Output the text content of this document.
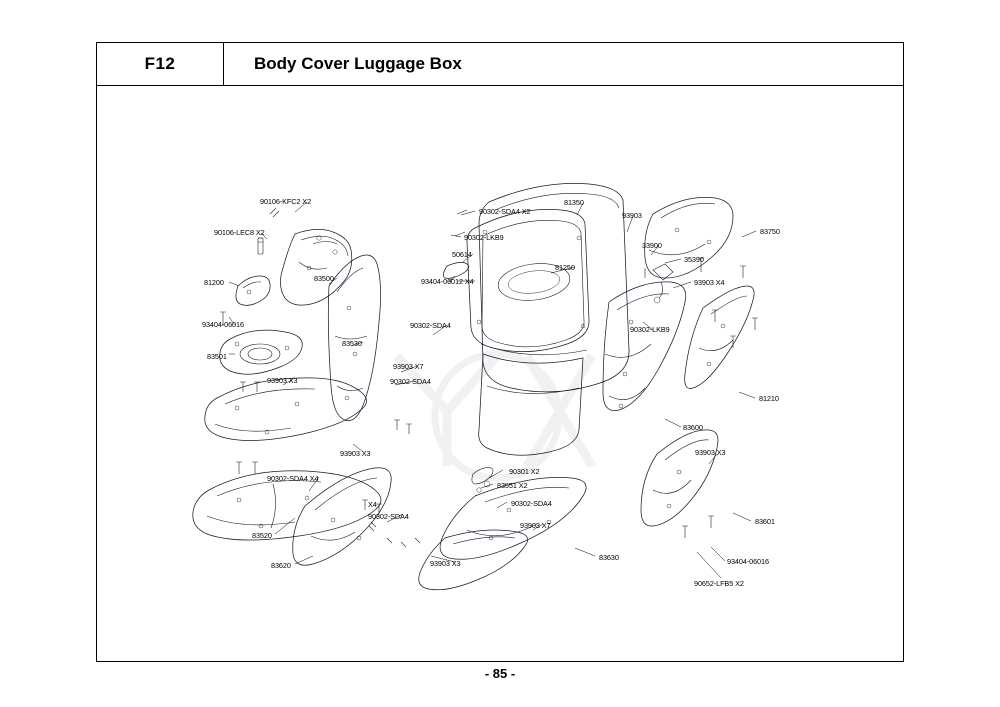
F12	Body Cover Luggage Box
90106-KFC2 X2
90106-LEC8 X2
81200
93404-06016
83501
93903 X3
83500
83530
93903 X7
90302-SDA4
90302-SDA4
93903 X3
90302-SDA4 X4
83520
83620	93903 X3
X4
90302-SDA4
90301 X2
83551 X2
90302-SDA4
93903 X7
83630
50614
93404-06012 X4
90302-SDA4 X2
90302-LKB9
81350
81250
93903
33900
35390
93903 X4
90302-LKB9
83750
81210
83600
93903 X3
83601
93404-06016
90652-LFB5 X2
- 85 -
